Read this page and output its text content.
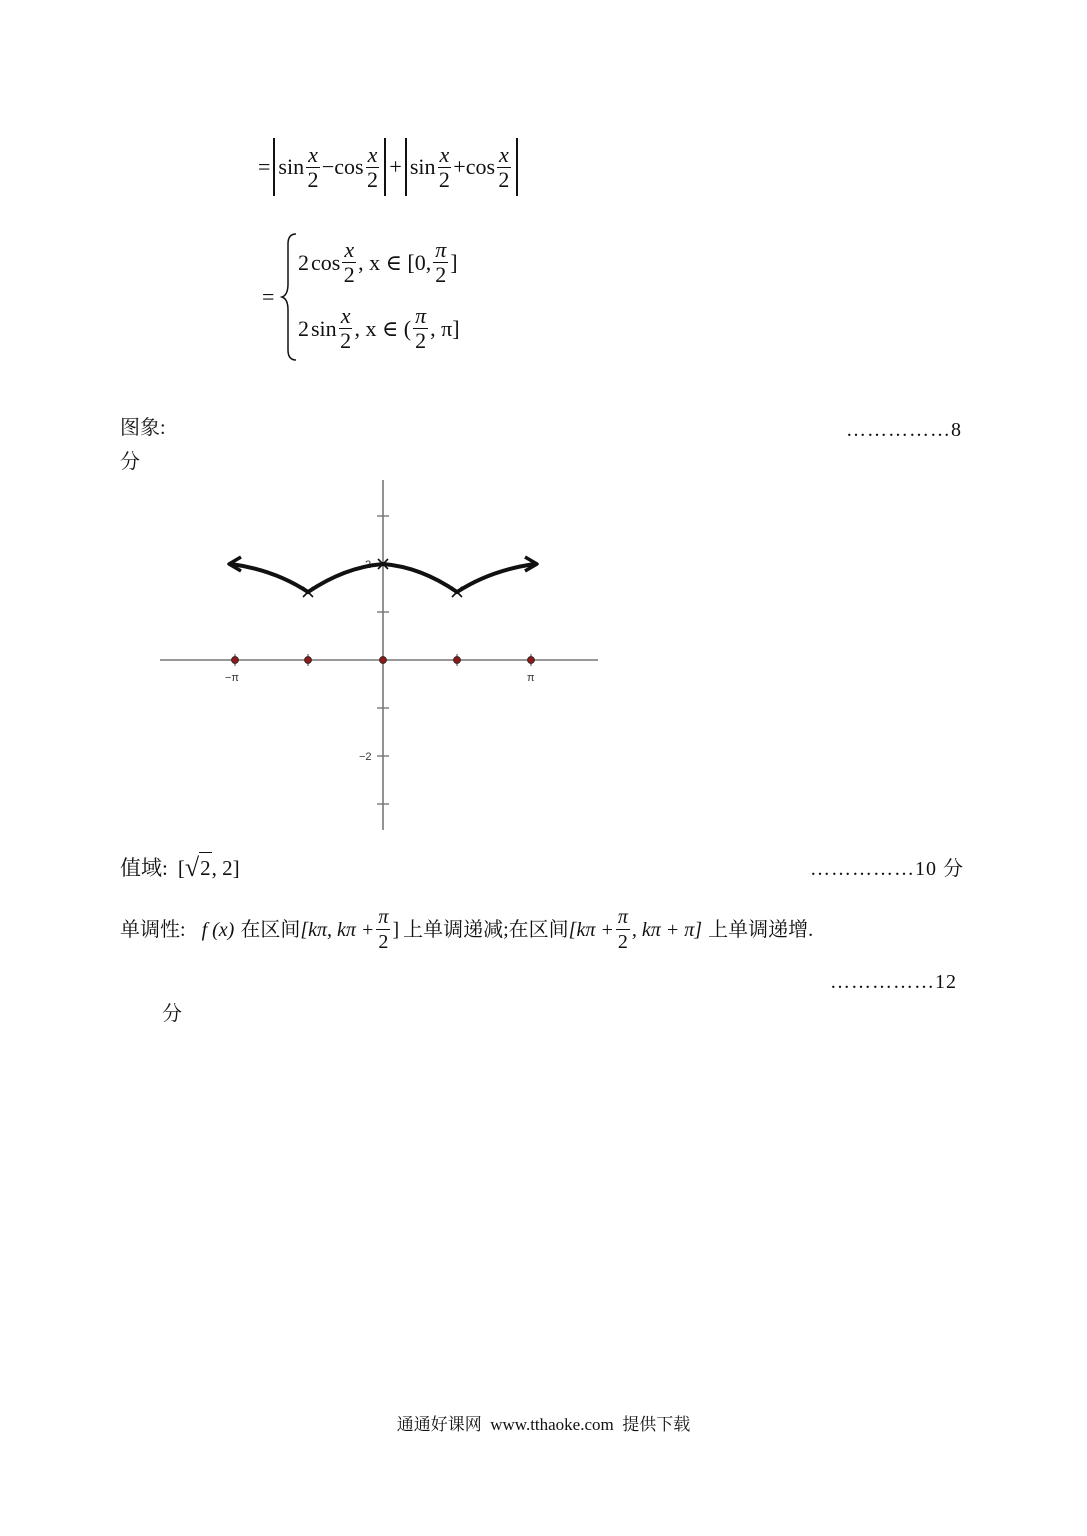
= $\sin \frac{x}{2} - \cos \frac{x}{2} + \sin \frac{x}{2} + \cos \frac{x}{2}$
=
2 $\cos \frac{x}{2}$ , x ∈ [0, $\frac{\pi}{2}$ ]
2 $\sin \frac{x}{2}$ , x ∈ ( $\frac{\pi}{2}$ , π]
图象:	……………8
分
2
−2
−π	π
值域: [ √ 2 , 2]	……………10 分
单调性: f (x) 在区间 [kπ, $k\pi + \frac{\pi}{2}$ ] 上单调递减;在区间 [$k\pi + \frac{\pi}{2}$ , kπ + π] 上单调递增.
……………12
分
通通好课网  www.tthaoke.com  提供下载
